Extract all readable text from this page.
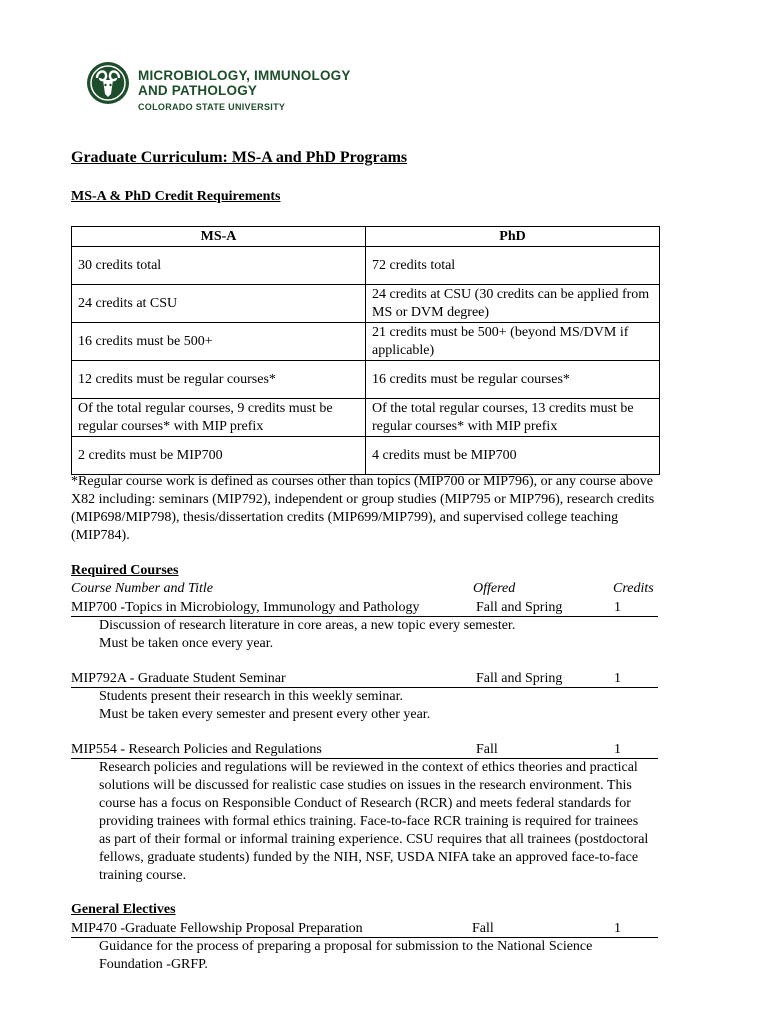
MICROBIOLOGY, IMMUNOLOGY
AND PATHOLOGY
COLORADO STATE UNIVERSITY
Graduate Curriculum: MS-A and PhD Programs
MS-A & PhD Credit Requirements
MS-A	PhD
30 credits total	72 credits total
24 credits at CSU	24 credits at CSU (30 credits can be applied from MS or DVM degree)
16 credits must be 500+	21 credits must be 500+ (beyond MS/DVM if applicable)
12 credits must be regular courses*	16 credits must be regular courses*
Of the total regular courses, 9 credits must be regular courses* with MIP prefix	Of the total regular courses, 13 credits must be regular courses* with MIP prefix
2 credits must be MIP700	4 credits must be MIP700
*Regular course work is defined as courses other than topics (MIP700 or MIP796), or any course above X82 including: seminars (MIP792), independent or group studies (MIP795 or MIP796), research credits (MIP698/MIP798), thesis/dissertation credits (MIP699/MIP799), and supervised college teaching (MIP784).
Required Courses
Course Number and Title	Offered	Credits
MIP700 -Topics in Microbiology, Immunology and Pathology	Fall and Spring	1
Discussion of research literature in core areas, a new topic every semester.
Must be taken once every year.
MIP792A - Graduate Student Seminar	Fall and Spring	1
Students present their research in this weekly seminar.
Must be taken every semester and present every other year.
MIP554 - Research Policies and Regulations	Fall	1
Research policies and regulations will be reviewed in the context of ethics theories and practical
solutions will be discussed for realistic case studies on issues in the research environment. This
course has a focus on Responsible Conduct of Research (RCR) and meets federal standards for
providing trainees with formal ethics training. Face-to-face RCR training is required for trainees
as part of their formal or informal training experience. CSU requires that all trainees (postdoctoral
fellows, graduate students) funded by the NIH, NSF, USDA NIFA take an approved face-to-face
training course.
General Electives
MIP470 -Graduate Fellowship Proposal Preparation	Fall	1
Guidance for the process of preparing a proposal for submission to the National Science
Foundation -GRFP.
